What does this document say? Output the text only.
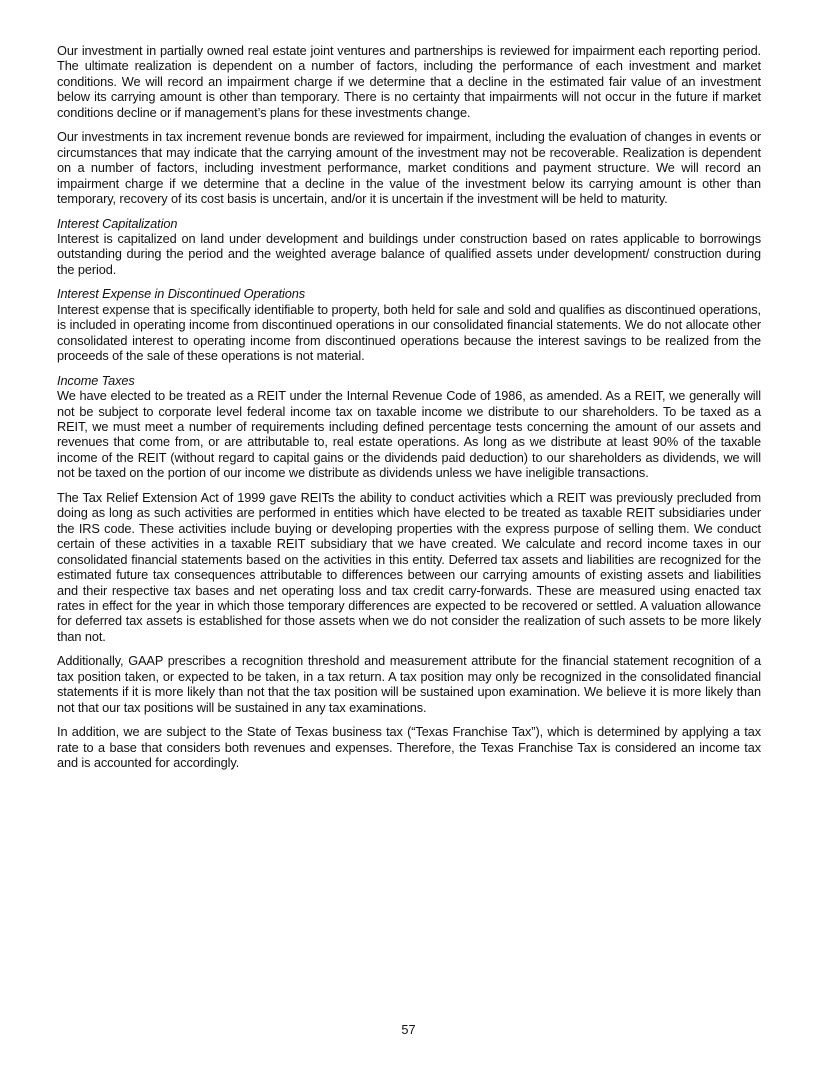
Our investment in partially owned real estate joint ventures and partnerships is reviewed for impairment each reporting period. The ultimate realization is dependent on a number of factors, including the performance of each investment and market conditions. We will record an impairment charge if we determine that a decline in the estimated fair value of an investment below its carrying amount is other than temporary. There is no certainty that impairments will not occur in the future if market conditions decline or if management’s plans for these investments change.

Our investments in tax increment revenue bonds are reviewed for impairment, including the evaluation of changes in events or circumstances that may indicate that the carrying amount of the investment may not be recoverable. Realization is dependent on a number of factors, including investment performance, market conditions and payment structure. We will record an impairment charge if we determine that a decline in the value of the investment below its carrying amount is other than temporary, recovery of its cost basis is uncertain, and/or it is uncertain if the investment will be held to maturity.

Interest Capitalization

Interest is capitalized on land under development and buildings under construction based on rates applicable to borrowings outstanding during the period and the weighted average balance of qualified assets under development/ construction during the period.

Interest Expense in Discontinued Operations

Interest expense that is specifically identifiable to property, both held for sale and sold and qualifies as discontinued operations, is included in operating income from discontinued operations in our consolidated financial statements. We do not allocate other consolidated interest to operating income from discontinued operations because the interest savings to be realized from the proceeds of the sale of these operations is not material.

Income Taxes

We have elected to be treated as a REIT under the Internal Revenue Code of 1986, as amended. As a REIT, we generally will not be subject to corporate level federal income tax on taxable income we distribute to our shareholders. To be taxed as a REIT, we must meet a number of requirements including defined percentage tests concerning the amount of our assets and revenues that come from, or are attributable to, real estate operations. As long as we distribute at least 90% of the taxable income of the REIT (without regard to capital gains or the dividends paid deduction) to our shareholders as dividends, we will not be taxed on the portion of our income we distribute as dividends unless we have ineligible transactions.

The Tax Relief Extension Act of 1999 gave REITs the ability to conduct activities which a REIT was previously precluded from doing as long as such activities are performed in entities which have elected to be treated as taxable REIT subsidiaries under the IRS code. These activities include buying or developing properties with the express purpose of selling them. We conduct certain of these activities in a taxable REIT subsidiary that we have created. We calculate and record income taxes in our consolidated financial statements based on the activities in this entity. Deferred tax assets and liabilities are recognized for the estimated future tax consequences attributable to differences between our carrying amounts of existing assets and liabilities and their respective tax bases and net operating loss and tax credit carry-forwards. These are measured using enacted tax rates in effect for the year in which those temporary differences are expected to be recovered or settled. A valuation allowance for deferred tax assets is established for those assets when we do not consider the realization of such assets to be more likely than not.

Additionally, GAAP prescribes a recognition threshold and measurement attribute for the financial statement recognition of a tax position taken, or expected to be taken, in a tax return. A tax position may only be recognized in the consolidated financial statements if it is more likely than not that the tax position will be sustained upon examination. We believe it is more likely than not that our tax positions will be sustained in any tax examinations.

In addition, we are subject to the State of Texas business tax (“Texas Franchise Tax”), which is determined by applying a tax rate to a base that considers both revenues and expenses. Therefore, the Texas Franchise Tax is considered an income tax and is accounted for accordingly.

57
